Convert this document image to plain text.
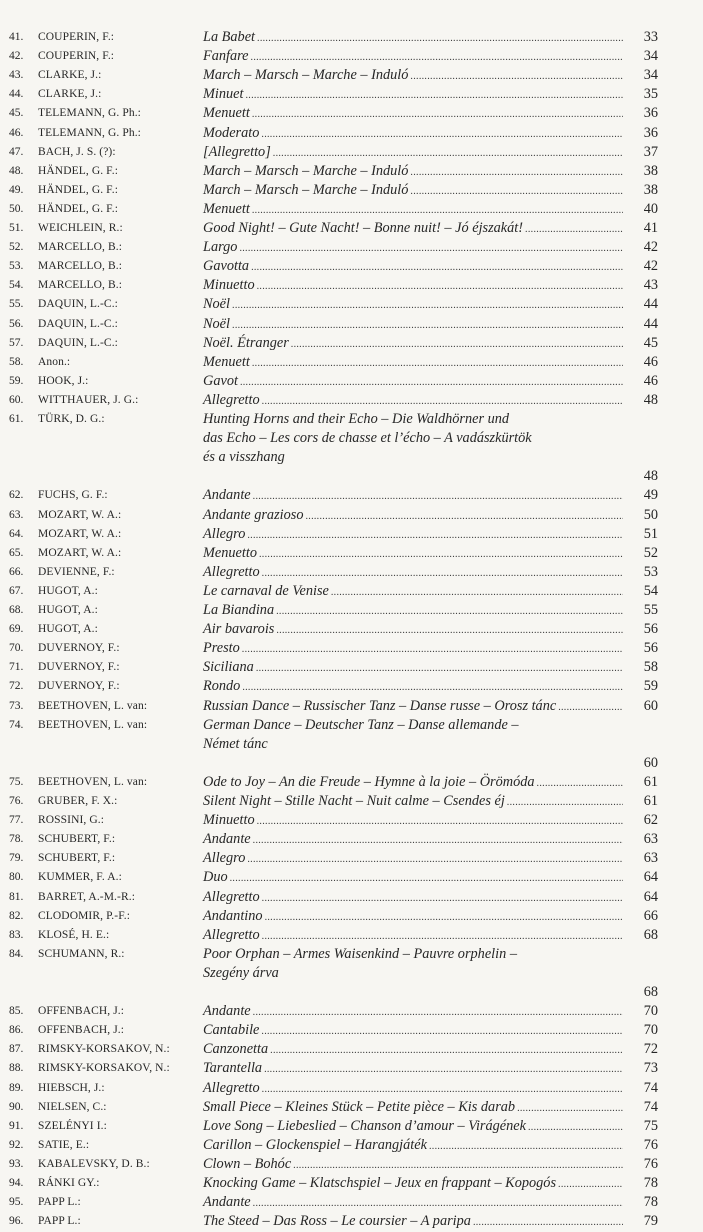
41. COUPERIN, F.:	La Babet .....	33
42. COUPERIN, F.:	Fanfare .....	34
43. CLARKE, J.:	March – Marsch – Marche – Induló .....	34
44. CLARKE, J.:	Minuet .....	35
45. TELEMANN, G. Ph.:	Menuett .....	36
46. TELEMANN, G. Ph.:	Moderato .....	36
47. BACH, J. S. (?):	[Allegretto] .....	37
48. HÄNDEL, G. F.:	March – Marsch – Marche – Induló .....	38
49. HÄNDEL, G. F.:	March – Marsch – Marche – Induló .....	38
50. HÄNDEL, G. F.:	Menuett .....	40
51. WEICHLEIN, R.:	Good Night! – Gute Nacht! – Bonne nuit! – Jó éjszakát! .....	41
52. MARCELLO, B.:	Largo .....	42
53. MARCELLO, B.:	Gavotta .....	42
54. MARCELLO, B.:	Minuetto .....	43
55. DAQUIN, L.-C.:	Noël .....	44
56. DAQUIN, L.-C.:	Noël .....	44
57. DAQUIN, L.-C.:	Noël. Étranger .....	45
58. Anon.:	Menuett .....	46
59. HOOK, J.:	Gavot .....	46
60. WITTHAUER, J. G.:	Allegretto .....	48
61. TÜRK, D. G.:	Hunting Horns and their Echo – Die Waldhörner und
das Echo – Les cors de chasse et l’écho – A vadászkürtök
és a visszhang
48
62. FUCHS, G. F.:	Andante .....	49
63. MOZART, W. A.:	Andante grazioso .....	50
64. MOZART, W. A.:	Allegro .....	51
65. MOZART, W. A.:	Menuetto .....	52
66. DEVIENNE, F.:	Allegretto .....	53
67. HUGOT, A.:	Le carnaval de Venise .....	54
68. HUGOT, A.:	La Biandina .....	55
69. HUGOT, A.:	Air bavarois .....	56
70. DUVERNOY, F.:	Presto .....	56
71. DUVERNOY, F.:	Siciliana .....	58
72. DUVERNOY, F.:	Rondo .....	59
73. BEETHOVEN, L. van:	Russian Dance – Russischer Tanz – Danse russe – Orosz tánc .....	60
74. BEETHOVEN, L. van:	German Dance – Deutscher Tanz – Danse allemande –
Német tánc
60
75. BEETHOVEN, L. van:	Ode to Joy – An die Freude – Hymne à la joie – Örömóda .....	61
76. GRUBER, F. X.:	Silent Night – Stille Nacht – Nuit calme – Csendes éj .....	61
77. ROSSINI, G.:	Minuetto .....	62
78. SCHUBERT, F.:	Andante .....	63
79. SCHUBERT, F.:	Allegro .....	63
80. KUMMER, F. A.:	Duo .....	64
81. BARRET, A.-M.-R.:	Allegretto .....	64
82. CLODOMIR, P.-F.:	Andantino .....	66
83. KLOSÉ, H. E.:	Allegretto .....	68
84. SCHUMANN, R.:	Poor Orphan – Armes Waisenkind – Pauvre orphelin –
Szegény árva
68
85. OFFENBACH, J.:	Andante .....	70
86. OFFENBACH, J.:	Cantabile .....	70
87. RIMSKY-KORSAKOV, N.: Canzonetta .....	72
88. RIMSKY-KORSAKOV, N.: Tarantella .....	73
89. HIEBSCH, J.:	Allegretto .....	74
90. NIELSEN, C.:	Small Piece – Kleines Stück – Petite pièce – Kis darab .....	74
91. SZELÉNYI I.:	Love Song – Liebeslied – Chanson d’amour – Virágének .....	75
92. SATIE, E.:	Carillon – Glockenspiel – Harangjáték .....	76
93. KABALEVSKY, D. B.:	Clown – Bohóc .....	76
94. RÁNKI GY.:	Knocking Game – Klatschspiel – Jeux en frappant – Kopogós .....	78
95. PAPP L.:	Andante .....	78
96. PAPP L.:	The Steed – Das Ross – Le coursier – A paripa .....	79
